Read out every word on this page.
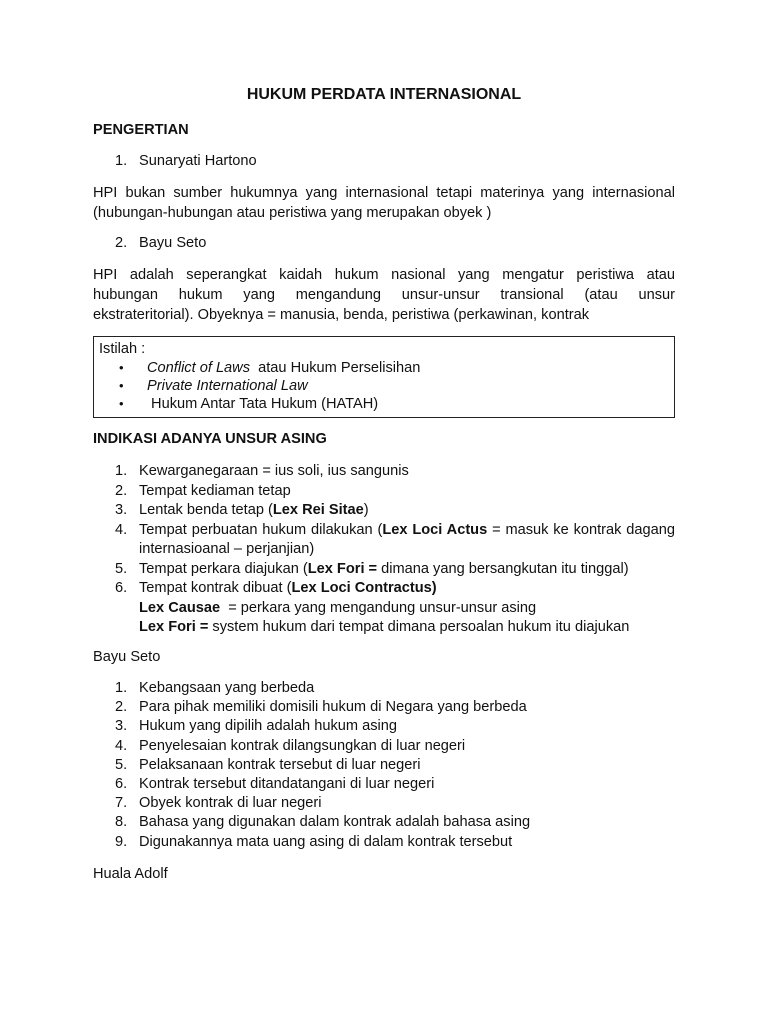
HUKUM PERDATA INTERNASIONAL
PENGERTIAN
1. Sunaryati Hartono

HPI bukan sumber hukumnya yang internasional tetapi materinya yang internasional (hubungan-hubungan atau peristiwa yang merupakan obyek )

2. Bayu Seto
HPI adalah seperangkat kaidah hukum nasional yang mengatur peristiwa atau
hubungan hukum yang mengandung unsur-unsur transional (atau unsur
ekstrateritorial). Obyeknya = manusia, benda, peristiwa (perkawinan, kontrak
Istilah :
• Conflict of Laws  atau Hukum Perselisihan
• Private International Law
• Hukum Antar Tata Hukum (HATAH)
INDIKASI ADANYA UNSUR ASING
1. Kewarganegaraan = ius soli, ius sangunis
2. Tempat kediaman tetap
3. Lentak benda tetap (Lex Rei Sitae)
4. Tempat perbuatan hukum dilakukan (Lex Loci Actus = masuk ke kontrak dagang internasioanal – perjanjian)
5. Tempat perkara diajukan (Lex Fori = dimana yang bersangkutan itu tinggal)
6. Tempat kontrak dibuat (Lex Loci Contractus)
Lex Causae  = perkara yang mengandung unsur-unsur asing
Lex Fori = system hukum dari tempat dimana persoalan hukum itu diajukan
Bayu Seto
1. Kebangsaan yang berbeda
2. Para pihak memiliki domisili hukum di Negara yang berbeda
3. Hukum yang dipilih adalah hukum asing
4. Penyelesaian kontrak dilangsungkan di luar negeri
5. Pelaksanaan kontrak tersebut di luar negeri
6. Kontrak tersebut ditandatangani di luar negeri
7. Obyek kontrak di luar negeri
8. Bahasa yang digunakan dalam kontrak adalah bahasa asing
9. Digunakannya mata uang asing di dalam kontrak tersebut
Huala Adolf
